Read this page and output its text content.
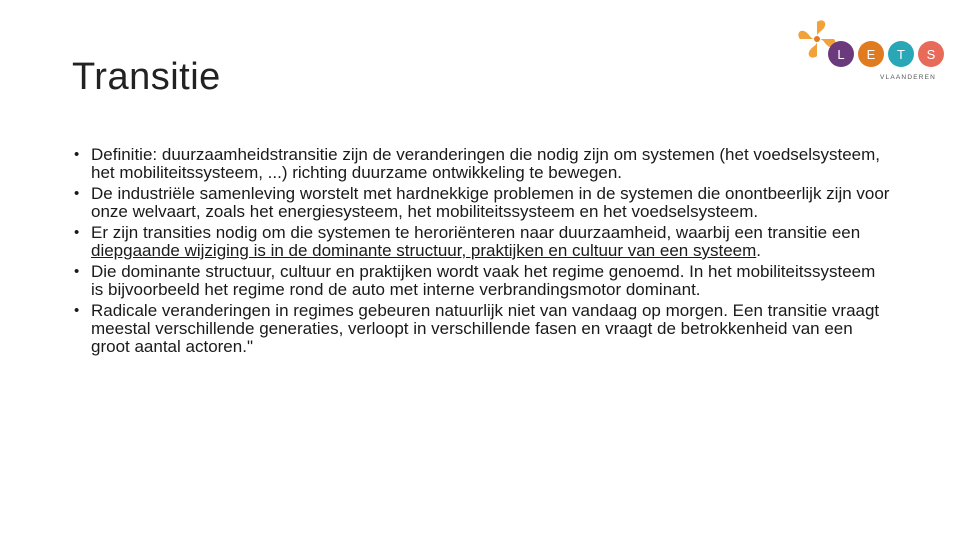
Transitie
L	E	T	S
VLAANDEREN
• Definitie: duurzaamheidstransitie zijn de veranderingen die nodig zijn om systemen (het voedselsysteem, het mobiliteitssysteem, ...) richting duurzame ontwikkeling te bewegen.
• De industriële samenleving worstelt met hardnekkige problemen in de systemen die onontbeerlijk zijn voor onze welvaart, zoals het energiesysteem, het mobiliteitssysteem en het voedselsysteem.
• Er zijn transities nodig om die systemen te heroriënteren naar duurzaamheid, waarbij een transitie een diepgaande wijziging is in de dominante structuur, praktijken en cultuur van een systeem.
• Die dominante structuur, cultuur en praktijken wordt vaak het regime genoemd. In het mobiliteitssysteem is bijvoorbeeld het regime rond de auto met interne verbrandingsmotor dominant.
• Radicale veranderingen in regimes gebeuren natuurlijk niet van vandaag op morgen. Een transitie vraagt meestal verschillende generaties, verloopt in verschillende fasen en vraagt de betrokkenheid van een groot aantal actoren."
